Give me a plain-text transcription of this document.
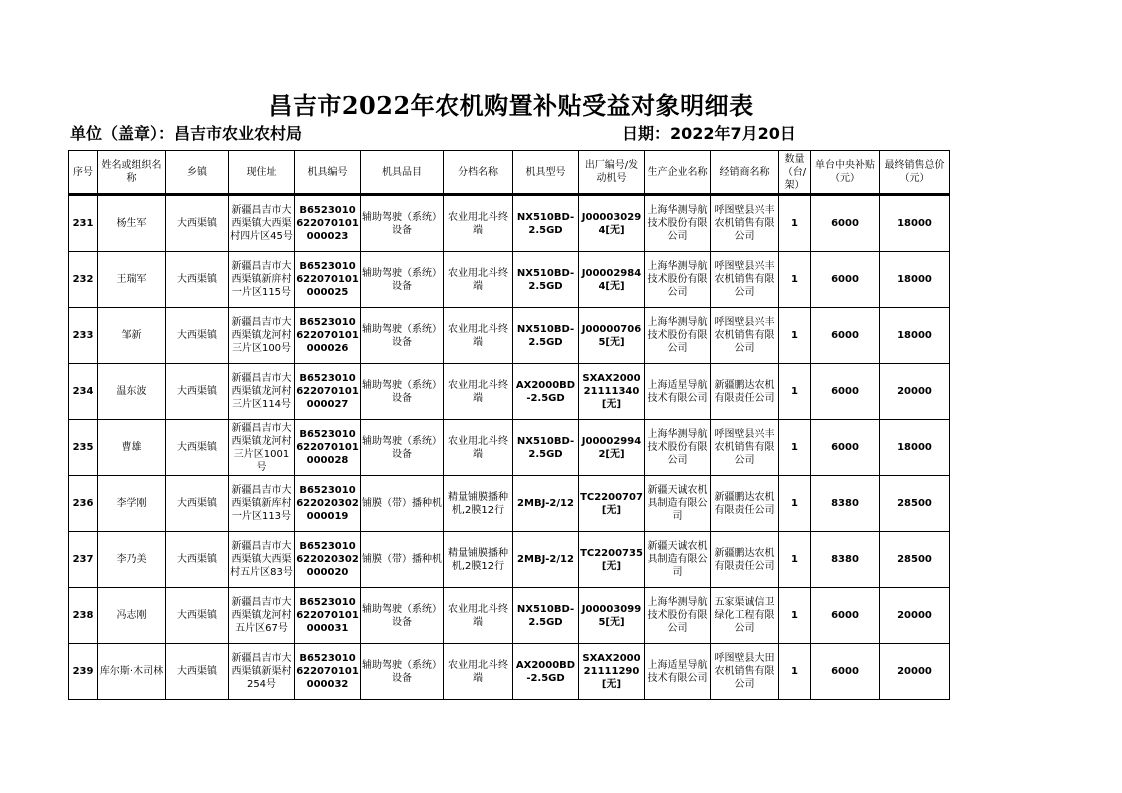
昌吉市2022年农机购置补贴受益对象明细表
单位（盖章）：昌吉市农业农村局	日期：2022年7月20日
序号	姓名或组织名称	乡镇	现住址	机具编号	机具品目	分档名称	机具型号	出厂编号/发动机号	生产企业名称	经销商名称	数量（台/架）	单台中央补贴（元）	最终销售总价（元）

231	杨生军	大西渠镇	新疆昌吉市大西渠镇大西渠村四片区45号	B6523010622070101000023	辅助驾驶（系统）设备	农业用北斗终端	NX510BD-2.5GD	J000030294[无]	上海华测导航技术股份有限公司	呼图壁县兴丰农机销售有限公司	1	6000	18000
232	王瑞军	大西渠镇	新疆昌吉市大西渠镇新庰村一片区115号	B6523010622070101000025	辅助驾驶（系统）设备	农业用北斗终端	NX510BD-2.5GD	J000029844[无]	上海华测导航技术股份有限公司	呼图壁县兴丰农机销售有限公司	1	6000	18000
233	邹新	大西渠镇	新疆昌吉市大西渠镇龙河村三片区100号	B6523010622070101000026	辅助驾驶（系统）设备	农业用北斗终端	NX510BD-2.5GD	J000007065[无]	上海华测导航技术股份有限公司	呼图壁县兴丰农机销售有限公司	1	6000	18000
234	温东波	大西渠镇	新疆昌吉市大西渠镇龙河村三片区114号	B6523010622070101000027	辅助驾驶（系统）设备	农业用北斗终端	AX2000BD-2.5GD	SXAX200021111340[无]	上海适星导航技术有限公司	新疆鹏达农机有限责任公司	1	6000	20000
235	曹雄	大西渠镇	新疆昌吉市大西渠镇龙河村三片区1001号	B6523010622070101000028	辅助驾驶（系统）设备	农业用北斗终端	NX510BD-2.5GD	J000029942[无]	上海华测导航技术股份有限公司	呼图壁县兴丰农机销售有限公司	1	6000	18000
236	李学刚	大西渠镇	新疆昌吉市大西渠镇新库村一片区113号	B6523010622020302000019	铺膜（带）播种机	精量铺膜播种机,2膜12行	2MBJ-2/12	TC2200707[无]	新疆天诚农机具制造有限公司	新疆鹏达农机有限责任公司	1	8380	28500
237	李乃美	大西渠镇	新疆昌吉市大西渠镇大西渠村五片区83号	B6523010622020302000020	铺膜（带）播种机	精量铺膜播种机,2膜12行	2MBJ-2/12	TC2200735[无]	新疆天诚农机具制造有限公司	新疆鹏达农机有限责任公司	1	8380	28500
238	冯志刚	大西渠镇	新疆昌吉市大西渠镇龙河村五片区67号	B6523010622070101000031	辅助驾驶（系统）设备	农业用北斗终端	NX510BD-2.5GD	J000030995[无]	上海华测导航技术股份有限公司	五家渠诚信卫绿化工程有限公司	1	6000	20000
239	库尔斯·木司林	大西渠镇	新疆昌吉市大西渠镇新渠村254号	B6523010622070101000032	辅助驾驶（系统）设备	农业用北斗终端	AX2000BD-2.5GD	SXAX200021111290[无]	上海适星导航技术有限公司	呼图壁县大田农机销售有限公司	1	6000	20000
